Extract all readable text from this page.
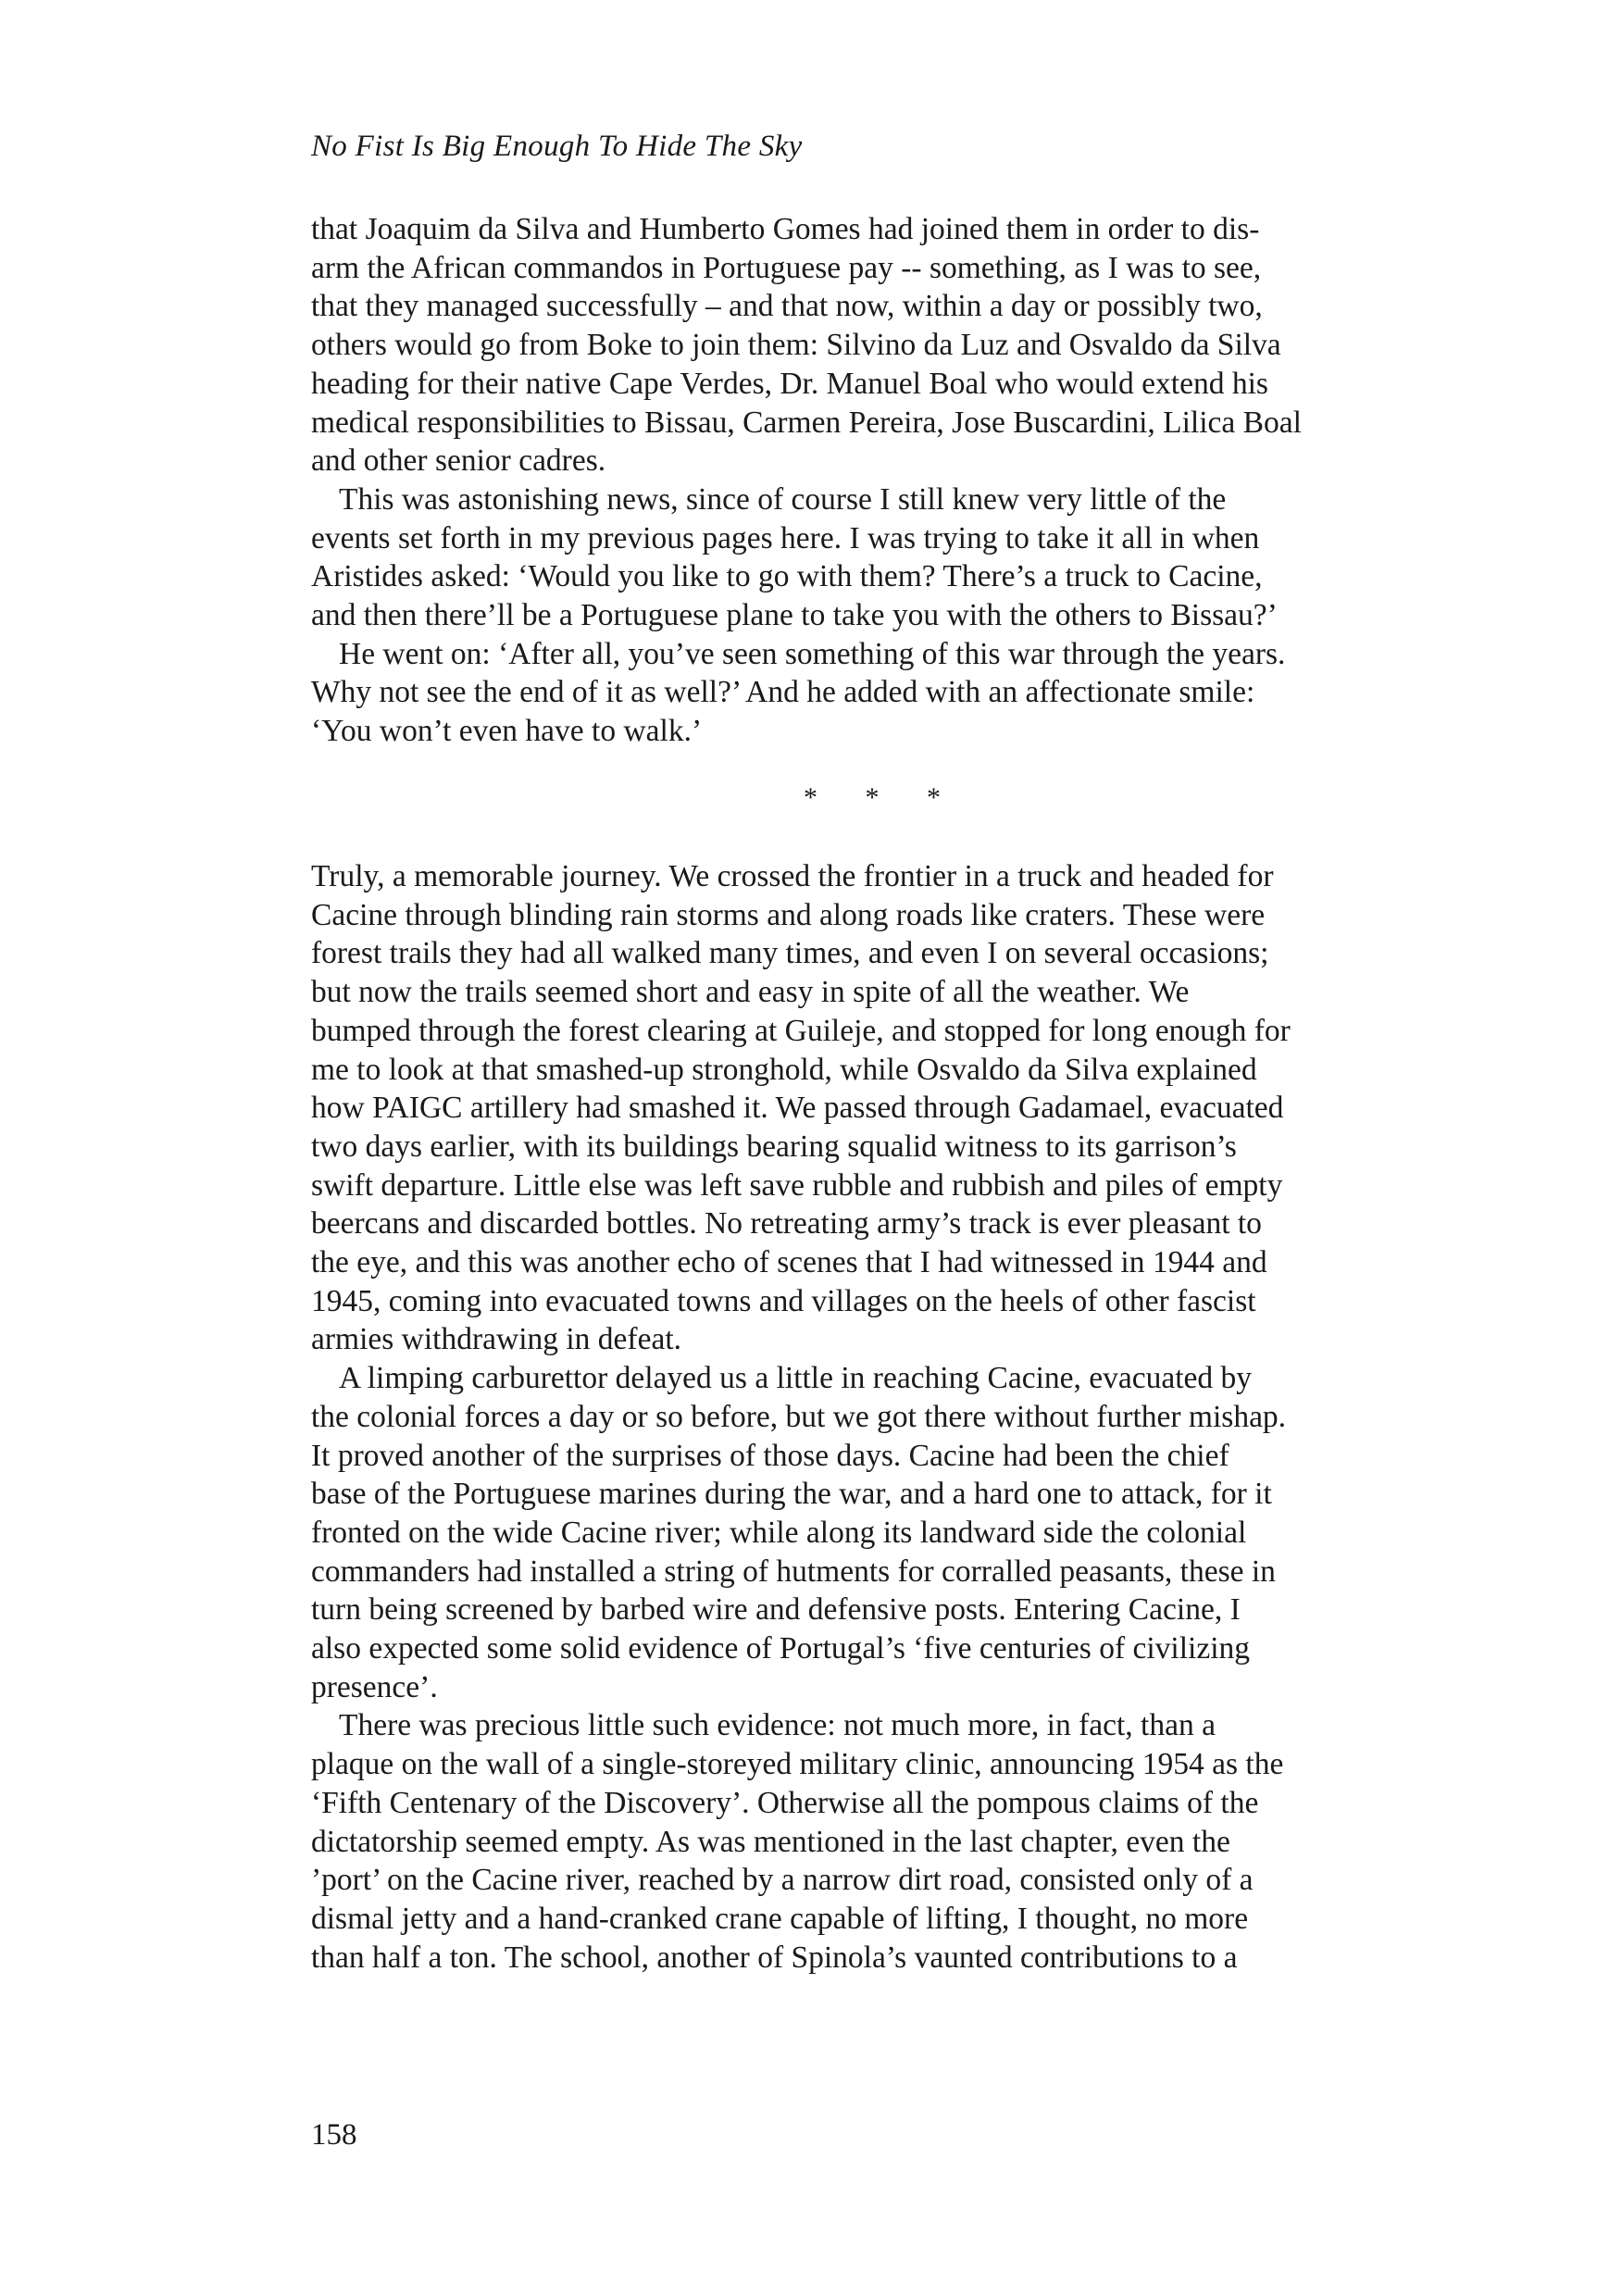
No Fist Is Big Enough To Hide The Sky
that Joaquim da Silva and Humberto Gomes had joined them in order to dis-
arm the African commandos in Portuguese pay -- something, as I was to see,
that they managed successfully – and that now, within a day or possibly two,
others would go from Boke to join them: Silvino da Luz and Osvaldo da Silva
heading for their native Cape Verdes, Dr. Manuel Boal who would extend his
medical responsibilities to Bissau, Carmen Pereira, Jose Buscardini, Lilica Boal
and other senior cadres.
This was astonishing news, since of course I still knew very little of the
events set forth in my previous pages here. I was trying to take it all in when
Aristides asked: ‘Would you like to go with them? There’s a truck to Cacine,
and then there’ll be a Portuguese plane to take you with the others to Bissau?’
He went on: ‘After all, you’ve seen something of this war through the years.
Why not see the end of it as well?’ And he added with an affectionate smile:
‘You won’t even have to walk.’
* * *
Truly, a memorable journey. We crossed the frontier in a truck and headed for
Cacine through blinding rain storms and along roads like craters. These were
forest trails they had all walked many times, and even I on several occasions;
but now the trails seemed short and easy in spite of all the weather. We
bumped through the forest clearing at Guileje, and stopped for long enough for
me to look at that smashed-up stronghold, while Osvaldo da Silva explained
how PAIGC artillery had smashed it. We passed through Gadamael, evacuated
two days earlier, with its buildings bearing squalid witness to its garrison’s
swift departure. Little else was left save rubble and rubbish and piles of empty
beercans and discarded bottles. No retreating army’s track is ever pleasant to
the eye, and this was another echo of scenes that I had witnessed in 1944 and
1945, coming into evacuated towns and villages on the heels of other fascist
armies withdrawing in defeat.
A limping carburettor delayed us a little in reaching Cacine, evacuated by
the colonial forces a day or so before, but we got there without further mishap.
It proved another of the surprises of those days. Cacine had been the chief
base of the Portuguese marines during the war, and a hard one to attack, for it
fronted on the wide Cacine river; while along its landward side the colonial
commanders had installed a string of hutments for corralled peasants, these in
turn being screened by barbed wire and defensive posts. Entering Cacine, I
also expected some solid evidence of Portugal’s ‘five centuries of civilizing
presence’.
There was precious little such evidence: not much more, in fact, than a
plaque on the wall of a single-storeyed military clinic, announcing 1954 as the
‘Fifth Centenary of the Discovery’. Otherwise all the pompous claims of the
dictatorship seemed empty. As was mentioned in the last chapter, even the
’port’ on the Cacine river, reached by a narrow dirt road, consisted only of a
dismal jetty and a hand-cranked crane capable of lifting, I thought, no more
than half a ton. The school, another of Spinola’s vaunted contributions to a
158
